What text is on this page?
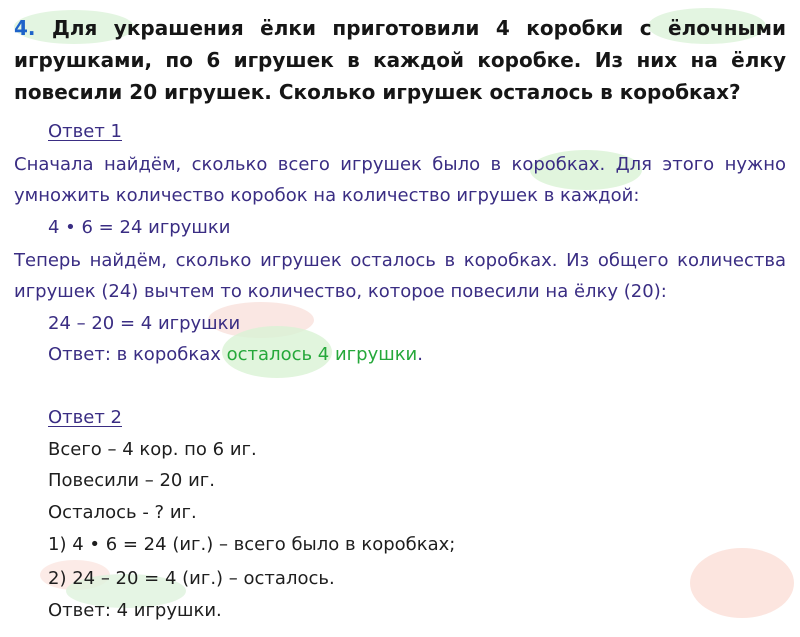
4. Для украшения ёлки приготовили 4 коробки с ёлочными игрушками, по 6 игрушек в каждой коробке. Из них на ёлку повесили 20 игрушек. Сколько игрушек осталось в коробках?
Ответ 1
Сначала найдём, сколько всего игрушек было в коробках. Для этого нужно
умножить количество коробок на количество игрушек в каждой:
4 • 6 = 24 игрушки
Теперь найдём, сколько игрушек осталось в коробках. Из общего количества
игрушек (24) вычтем то количество, которое повесили на ёлку (20):
24 – 20 = 4 игрушки
Ответ: в коробках осталось 4 игрушки.
Ответ 2
Всего – 4 кор. по 6 иг.
Повесили – 20 иг.
Осталось - ? иг.
1) 4 • 6 = 24 (иг.) – всего было в коробках;
2) 24 – 20 = 4 (иг.) – осталось.
Ответ: 4 игрушки.
